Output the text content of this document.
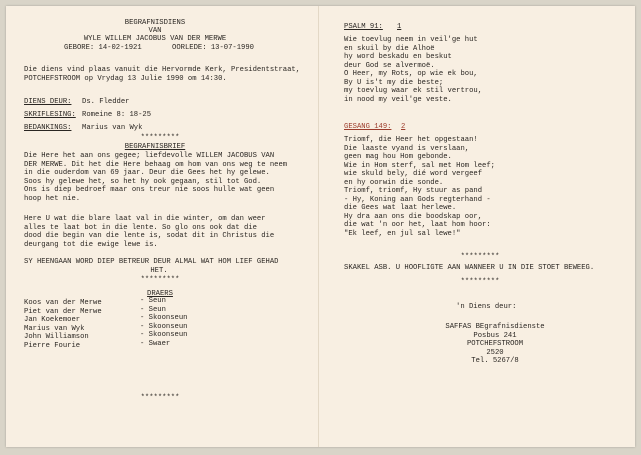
BEGRAFNISDIENS
VAN
WYLE WILLEM JACOBUS VAN DER MERWE
GEBORE: 14-02-1921	OORLEDE: 13-07-1990
Die diens vind plaas vanuit die Hervormde Kerk, Presidentstraat,
POTCHEFSTROOM op Vrydag 13 Julie 1990 om 14:30.
DIENS DEUR: Ds. Fledder
SKRIFLESING: Romeine 8: 18-25
BEDANKINGS: Marius van Wyk
*********
BEGRAFNISBRIEF
Die Here het aan ons gegee; liefdevolle WILLEM JACOBUS VAN
DER MERWE. Dit het die Here behaag om hom van ons weg te neem
in die ouderdom van 69 jaar. Deur die Gees het hy gelewe.
Soos hy gelewe het, so het hy ook gegaan, stil tot God.
Ons is diep bedroef maar ons treur nie soos hulle wat geen
hoop het nie.
Here U wat die blare laat val in die winter, om dan weer
alles te laat bot in die lente. So glo ons ook dat die
dood die begin van die lente is, sodat dit in Christus die
deurgang tot die ewige lewe is.
SY HEENGAAN WORD DIEP BETREUR DEUR ALMAL WAT HOM LIEF GEHAD
HET.
*********
DRAERS
Koos van der Merwe
Piet van der Merwe
Jan Koekemoer
Marius van Wyk
John Williamson
Pierre Fourie
- Seun
- Seun
- Skoonseun
- Skoonseun
- Skoonseun
- Swaer
*********
PSALM 91: 1
Wie toevlug neem in veil'ge hut
en skuil by die Alhoë
hy word beskadu en beskut
deur God se alvermoë.
O Heer, my Rots, op wie ek bou,
By U is't my die beste;
my toevlug waar ek stil vertrou,
in nood my veil'ge veste.
GESANG 149: 2
Triomf, die Heer het opgestaan!
Die laaste vyand is verslaan,
geen mag hou Hom gebonde.
Wie in Hom sterf, sal met Hom leef;
wie skuld bely, dié word vergeef
en hy oorwin die sonde.
Triomf, triomf, Hy stuur as pand
- Hy, Koning aan Gods regterhand -
die Gees wat laat herlewe.
Hy dra aan ons die boodskap oor,
die wat 'n oor het, laat hom hoor:
"Ek leef, en jul sal lewe!"
*********
SKAKEL ASB. U HOOFLIGTE AAN WANNEER U IN DIE STOET BEWEEG.
*********
'n Diens deur:
SAFFAS BEgrafnisdienste
Posbus 241
POTCHEFSTROOM
2520
Tel. 5267/8
